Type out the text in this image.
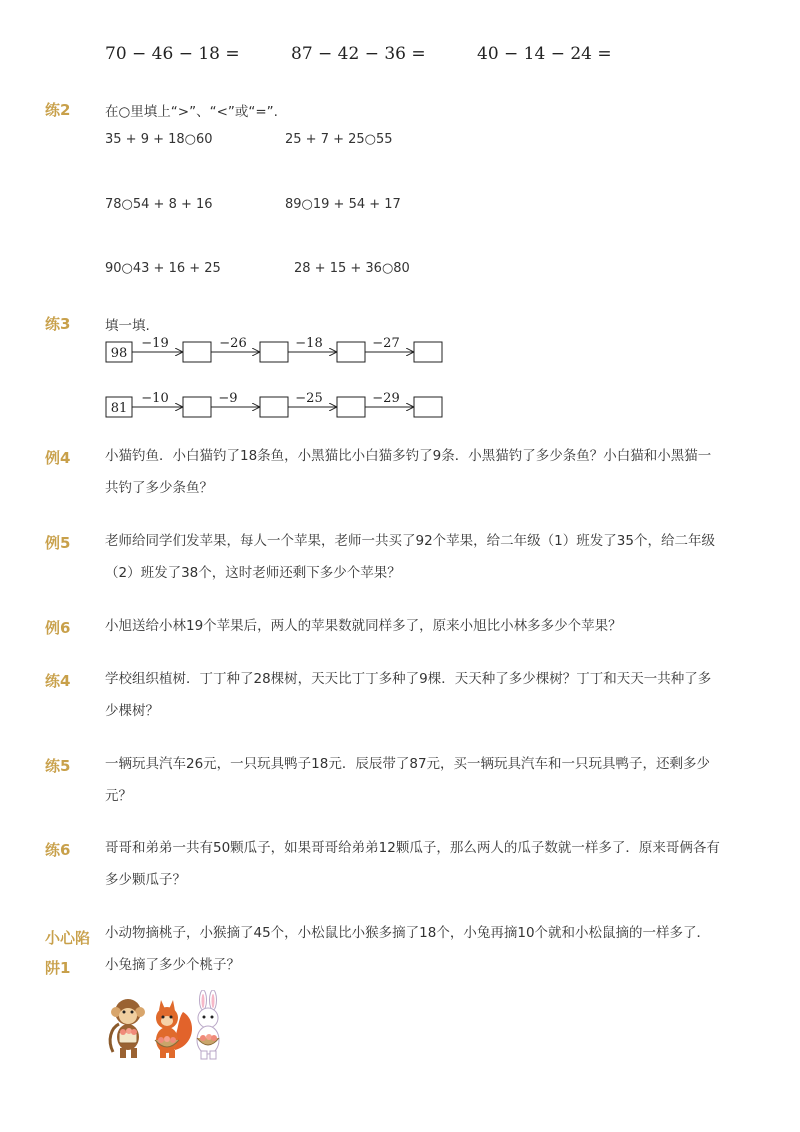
70 − 46 − 18 =	87 − 42 − 36 =	40 − 14 − 24 =
练2	在○里填上“>”、“<”或“=”.
35 + 9 + 18○60	25 + 7 + 25○55
78○54 + 8 + 16	89○19 + 54 + 17
90○43 + 16 + 25	28 + 15 + 36○80
练3	填一填.
98
−19	−26	−18	−27
81
−10	−9	−25	−29
例4	小猫钓鱼．小白猫钓了18条鱼，小黑猫比小白猫多钓了9条．小黑猫钓了多少条鱼？小白猫和小黑猫一共钓了多少条鱼？
例5	老师给同学们发苹果，每人一个苹果，老师一共买了92个苹果，给二年级（1）班发了35个，给二年级（2）班发了38个，这时老师还剩下多少个苹果？
例6	小旭送给小林19个苹果后，两人的苹果数就同样多了，原来小旭比小林多多少个苹果？
练4	学校组织植树．丁丁种了28棵树，天天比丁丁多种了9棵．天天种了多少棵树？丁丁和天天一共种了多少棵树？
练5	一辆玩具汽车26元，一只玩具鸭子18元．辰辰带了87元，买一辆玩具汽车和一只玩具鸭子，还剩多少元？
练6	哥哥和弟弟一共有50颗瓜子，如果哥哥给弟弟12颗瓜子，那么两人的瓜子数就一样多了．原来哥俩各有多少颗瓜子？
小心陷阱1
小动物摘桃子，小猴摘了45个，小松鼠比小猴多摘了18个，小兔再摘10个就和小松鼠摘的一样多了．小兔摘了多少个桃子？
